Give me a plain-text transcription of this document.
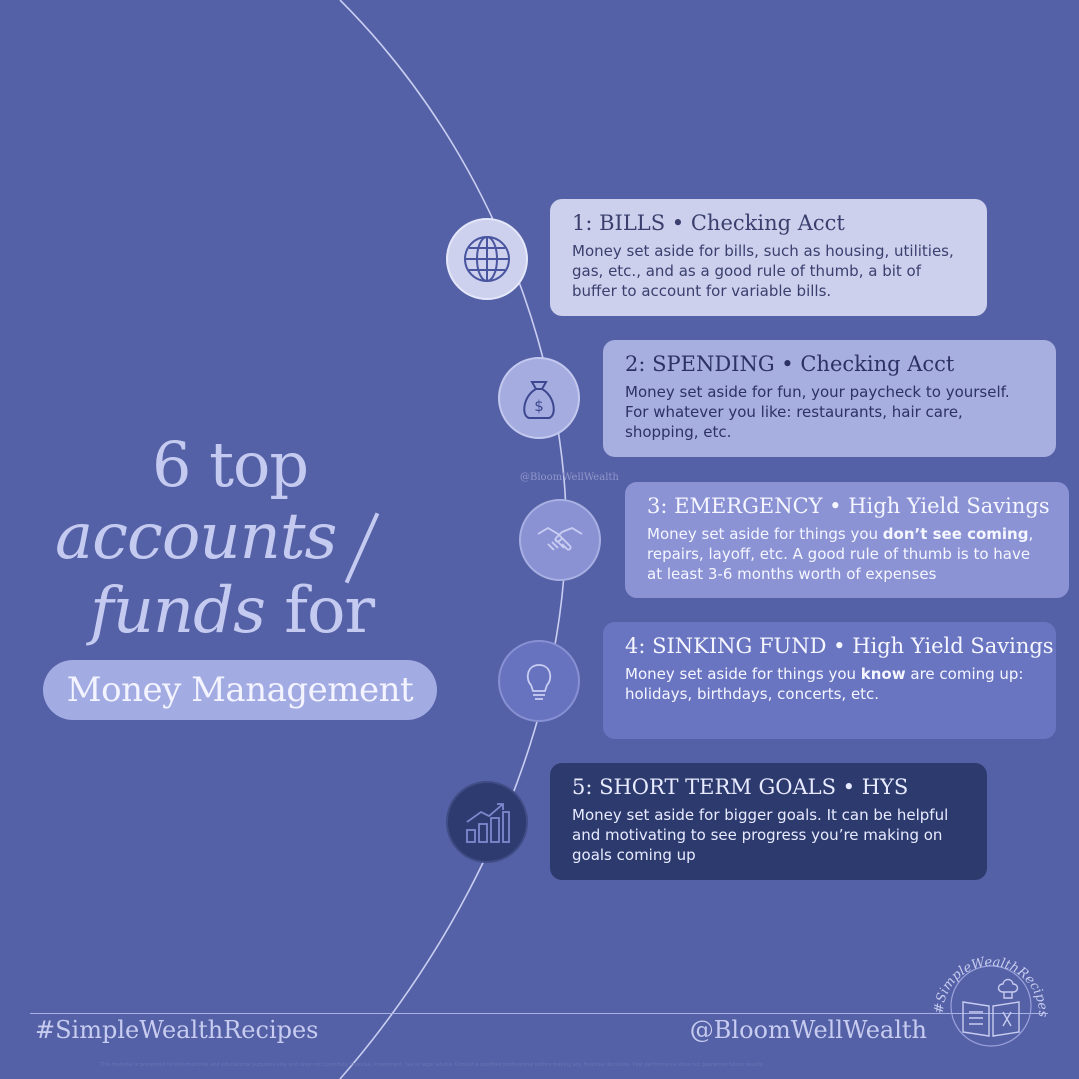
@BloomWellWealth
6 top
accounts
funds for
Money Management
$
1: BILLS • Checking Acct
Money set aside for bills, such as housing, utilities, gas, etc., and as a good rule of thumb, a bit of buffer to account for variable bills.
2: SPENDING • Checking Acct
Money set aside for fun, your paycheck to yourself. For whatever you like: restaurants, hair care, shopping, etc.
3: EMERGENCY • High Yield Savings
Money set aside for things you don’t see coming, repairs, layoff, etc. A good rule of thumb is to have at least 3-6 months worth of expenses
4: SINKING FUND • High Yield Savings
Money set aside for things you know are coming up: holidays, birthdays, concerts, etc.
5: SHORT TERM GOALS • HYS
Money set aside for bigger goals. It can be helpful and motivating to see progress you’re making on goals coming up
#SimpleWealthRecipes	@BloomWellWealth
This material is presented for informational and educational purposes only and does not constitute financial, investment, tax or legal advice. Consult a qualified professional before making any financial decisions. Past performance does not guarantee future results.
#SimpleWealthRecipes
